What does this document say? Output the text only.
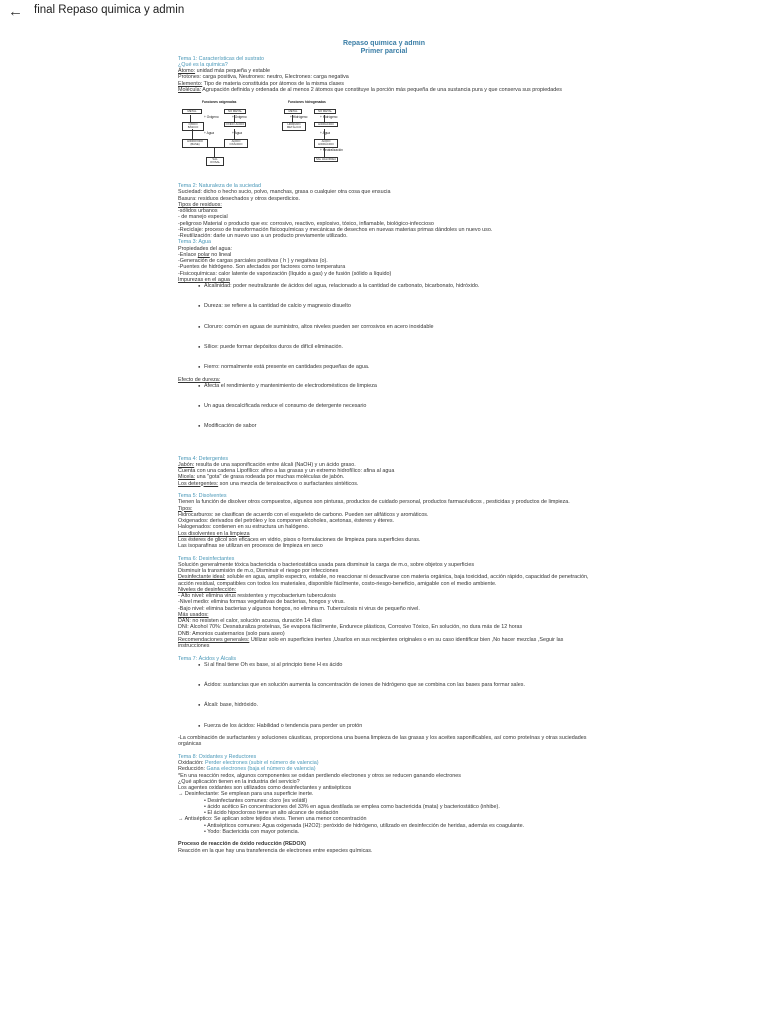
← final Repaso quimica y admin
Repaso quimica y admin
Primer parcial
Tema 1: Características del sustrato
¿Qué es la química?
Átomo: unidad más pequeña y estable
Protones: carga positiva, Neutrones: neutro, Electrones: carga negativa
Elemento: Tipo de materia constituida por átomos de la misma clases
Molécula: Agrupación definida y ordenada de al menos 2 átomos que constituye la porción más pequeña de una sustancia pura y que conserva sus propiedades
Funciones oxigenadas
METAL	NO METAL
+ Oxigeno	+ Oxigeno
ÓXIDO BÁSICO
ÓXIDO ÁCIDO
+ Agua	+ Agua
HIDRÓXIDO (BASE)
ÁCIDO OXÁCIDO
SAL OXISAL
Funciones hidrogenadas
METAL	NO METAL
+ Hidrógeno	+ Hidrógeno
HIDRURO METÁLICO
HIDRÁCIDO
+ Agua
ÁCIDO HIDRÁCIDO
+ Neutralización
SAL HALOIDEA
Tema 2: Naturaleza de la suciedad
Suciedad: dicho o hecho sucio, polvo, manchas, grasa o cualquier otra cosa que ensucia
Basura: residuos desechados y otros desperdicios.
Tipos de residuos:
-sólidos urbanos
- de manejo especial
-peligroso Material o producto que es: corrosivo, reactivo, explosivo, tóxico, inflamable, biológico-infeccioso
-Reciclaje: proceso de transformación fisicoquímicas y mecánicas de desechos en nuevas materias primas dándoles un nuevo uso.
-Reutilización: darle un nuevo uso a un producto previamente utilizado.
Tema 3: Agua
Propiedades del agua:
-Enlace polar no lineal
-Generación de cargas parciales positivas ( h ) y negativas (o).
-Puentes de hidrógeno. Son afectados por factores como temperatura
-Fisicoquímicas: calor latente de vaporización (líquido a gas) y de fusión (sólido a líquido)
Impurezas en el agua
● Alcalinidad: poder neutralizante de ácidos del agua, relacionado a la cantidad de carbonato, bicarbonato, hidróxido.
● Dureza: se refiere a la cantidad de calcio y magnesio disuelto
● Cloruro: común en aguas de suministro, altos niveles pueden ser corrosivos en acero inoxidable
● Sílice: puede formar depósitos duros de difícil eliminación.
● Fierro: normalmente está presente en cantidades pequeñas de agua.
Efecto de dureza:
● Afecta el rendimiento y mantenimiento de electrodomésticos de limpieza
● Un agua descalcificada reduce el consumo de detergente necesario
● Modificación de sabor
Tema 4: Detergentes
Jabón: resulta de una saponificación entre álcali (NaOH) y un ácido graso.
Cuenta con una cadena Lipofílico: afino a las grasas y un extremo hidrofílico: afina al agua
Micela: una "gota" de grasa rodeada por muchas moléculas de jabón.
Los detergentes: son una mezcla de tensioactivos o surfactantes sintéticos.
Tema 5: Disolventes
Tienen la función de disolver otros compuestos, algunos son pinturas, productos de cuidado personal, productos farmacéuticos , pesticidas y productos de limpieza.
Tipos:
Hidrocarburos: se clasifican de acuerdo con el esqueleto de carbono. Pueden ser alifáticos y aromáticos.
Oxigenados: derivados del petróleo y los componen alcoholes, acetonas, ésteres y éteres.
Halogenados: contienen en su estructura un halógeno.
Los disolventes en la limpieza
Los ésteres de glicol son eficaces en vidrio, pisos o formulaciones de limpieza para superficies duras.
Las isoparafinas se utilizan en procesos de limpieza en seco
Tema 6: Desinfectantes
Solución generalmente tóxica bactericida o bacteriostática usada para disminuir la carga de m.o, sobre objetos y superficies
Disminuir la transmisión de m.o, Disminuir el riesgo por infecciones
Desinfectante ideal: soluble en agua, amplio espectro, estable, no reaccionar ni desactivarse con materia orgánica, baja toxicidad, acción rápido, capacidad de penetración, acción residual, compatibles con todos los materiales, disponible fácilmente, costo-riesgo-beneficio, amigable con el medio ambiente.
Niveles de desinfección:
- Alto nivel: elimina virus resistentes y mycobacterium tuberculosis
-Nivel medio: elimina formas vegetativas de bacterias, hongos y virus.
-Bajo nivel: elimina bacterias y algunos hongos, no elimina m. Tuberculosis ni virus de pequeño nivel.
Más usados:
DAN: no resisten el calor, solución acuosa, duración 14 días
DNI: Alcohol 70%: Desnaturaliza proteínas, Se evapora fácilmente, Endurece plásticos, Corrosivo Tóxico, En solución, no dura más de 12 horas
DNB: Amonios cuaternarios (solo para aseo)
Recomendaciones generales: Utilizar solo en superficies inertes ,Usarlos en sus recipientes originales o en su caso identificar bien ,No hacer mezclas ,Seguir las instrucciones
Tema 7: Ácidos y Álcalis
● Si al final tiene Oh es base, si al principio tiene H es ácido
● Ácidos: sustancias que en solución aumenta la concentración de iones de hidrógeno que se combina con las bases para formar sales.
● Álcali: base, hidróxido.
● Fuerza de los ácidos: Habilidad o tendencia para perder un protón
-La combinación de surfactantes y soluciones cáusticas, proporciona una buena limpieza de las grasas y los aceites saponificables, así como proteínas y otras suciedades orgánicas
Tema 8: Oxidantes y Reductores
Oxidación: Perder electrones (subir el número de valencia)
Reducción: Gana electrones (baja el número de valencia)
*En una reacción redox, algunos componentes se oxidan perdiendo electrones y otros se reducen ganando electrones
¿Qué aplicación tienen en la industria del servicio?
Los agentes oxidantes son utilizados como desinfectantes y antisépticos
→ Desinfectante: Se emplean para una superficie inerte.
• Desinfectantes comunes: cloro (es volátil)
• ácido acético En concentraciones del 33% en agua destilada se emplea como bactericida (mata) y bacteriostático (inhibe).
• El ácido hipocloroso tiene un alto alcance de oxidación
→ Antiséptico: Se aplican sobre tejidos vivos. Tienen una menor concentración
• Antisépticos comunes: Agua oxigenada (H2O2): peróxido de hidrógeno, utilizado en desinfección de heridas, además es coagulante.
• Yodo: Bactericida con mayor potencia.
Proceso de reacción de óxido reducción (REDOX)
Reacción en la que hay una transferencia de electrones entre especies químicas.
